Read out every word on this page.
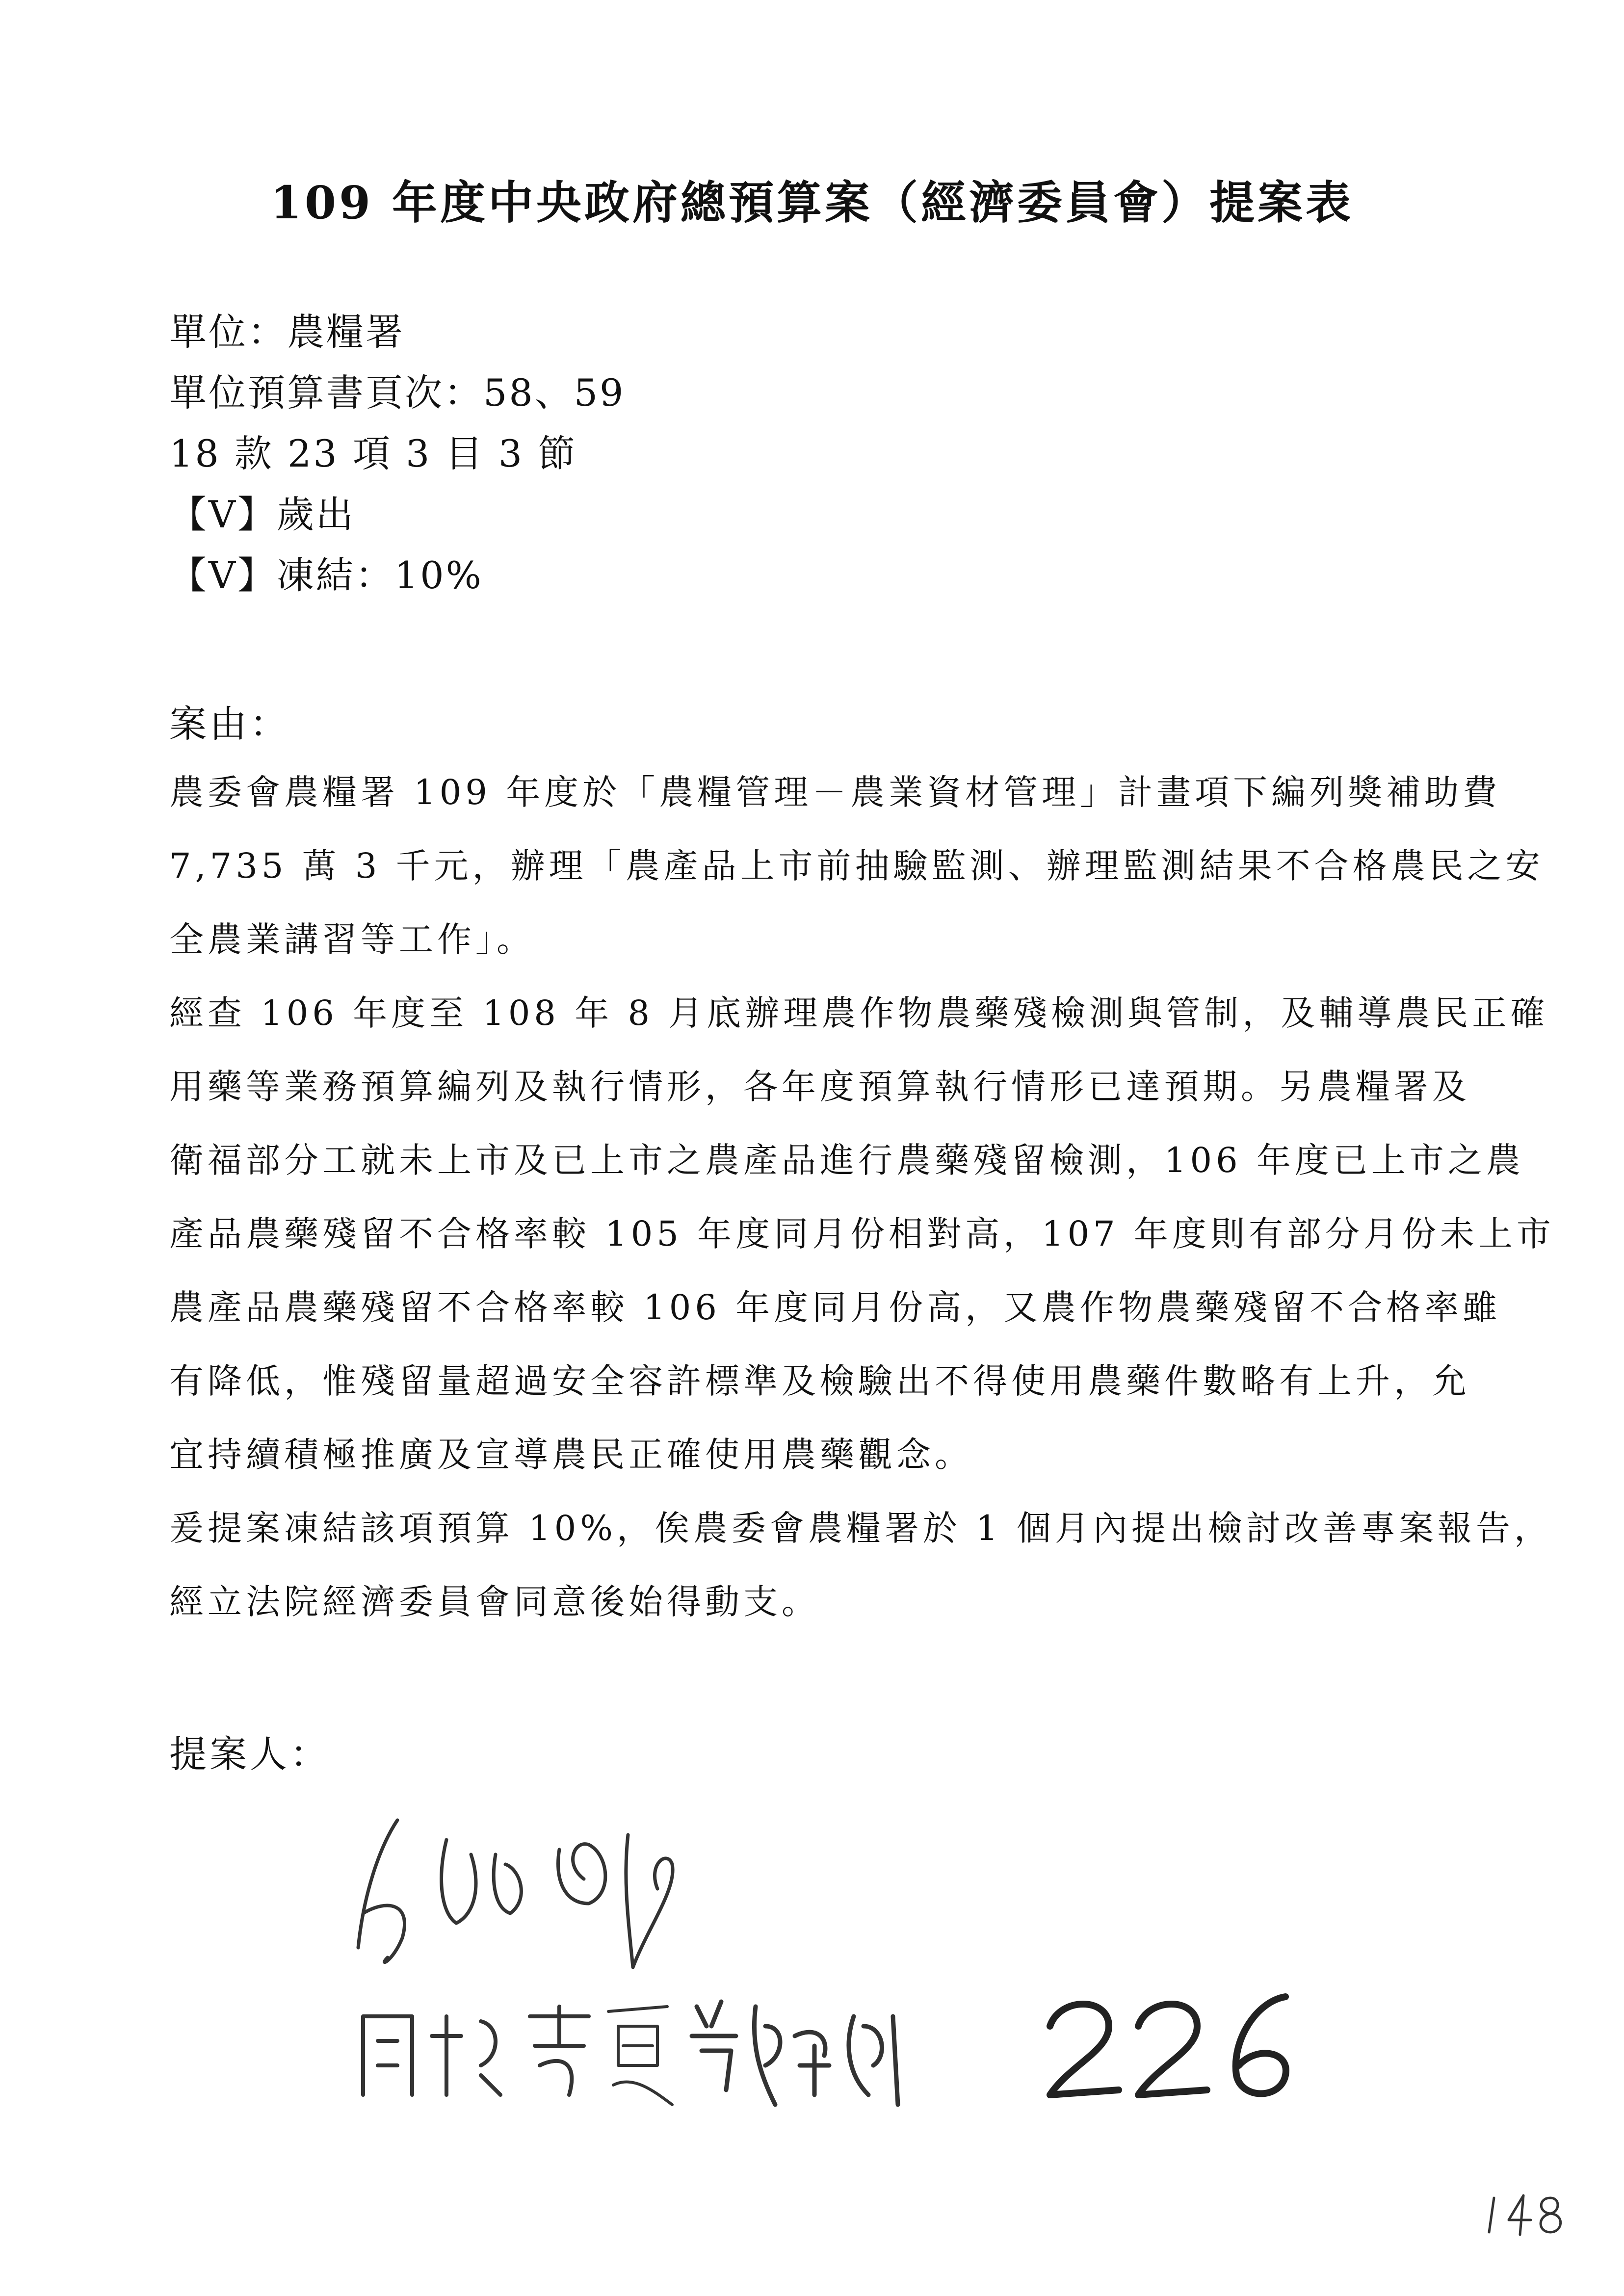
109 年度中央政府總預算案（經濟委員會）提案表
單位：農糧署
單位預算書頁次：58、59
18 款 23 項 3 目 3 節
【V】歲出
【V】凍結：10%
案由：
農委會農糧署 109 年度於「農糧管理－農業資材管理」計畫項下編列獎補助費
7,735 萬 3 千元，辦理「農產品上市前抽驗監測、辦理監測結果不合格農民之安
全農業講習等工作」。
經查 106 年度至 108 年 8 月底辦理農作物農藥殘檢測與管制，及輔導農民正確
用藥等業務預算編列及執行情形，各年度預算執行情形已達預期。另農糧署及
衛福部分工就未上市及已上市之農產品進行農藥殘留檢測，106 年度已上市之農
產品農藥殘留不合格率較 105 年度同月份相對高，107 年度則有部分月份未上市
農產品農藥殘留不合格率較 106 年度同月份高，又農作物農藥殘留不合格率雖
有降低，惟殘留量超過安全容許標準及檢驗出不得使用農藥件數略有上升，允
宜持續積極推廣及宣導農民正確使用農藥觀念。
爰提案凍結該項預算 10%，俟農委會農糧署於 1 個月內提出檢討改善專案報告，
經立法院經濟委員會同意後始得動支。
提案人：
